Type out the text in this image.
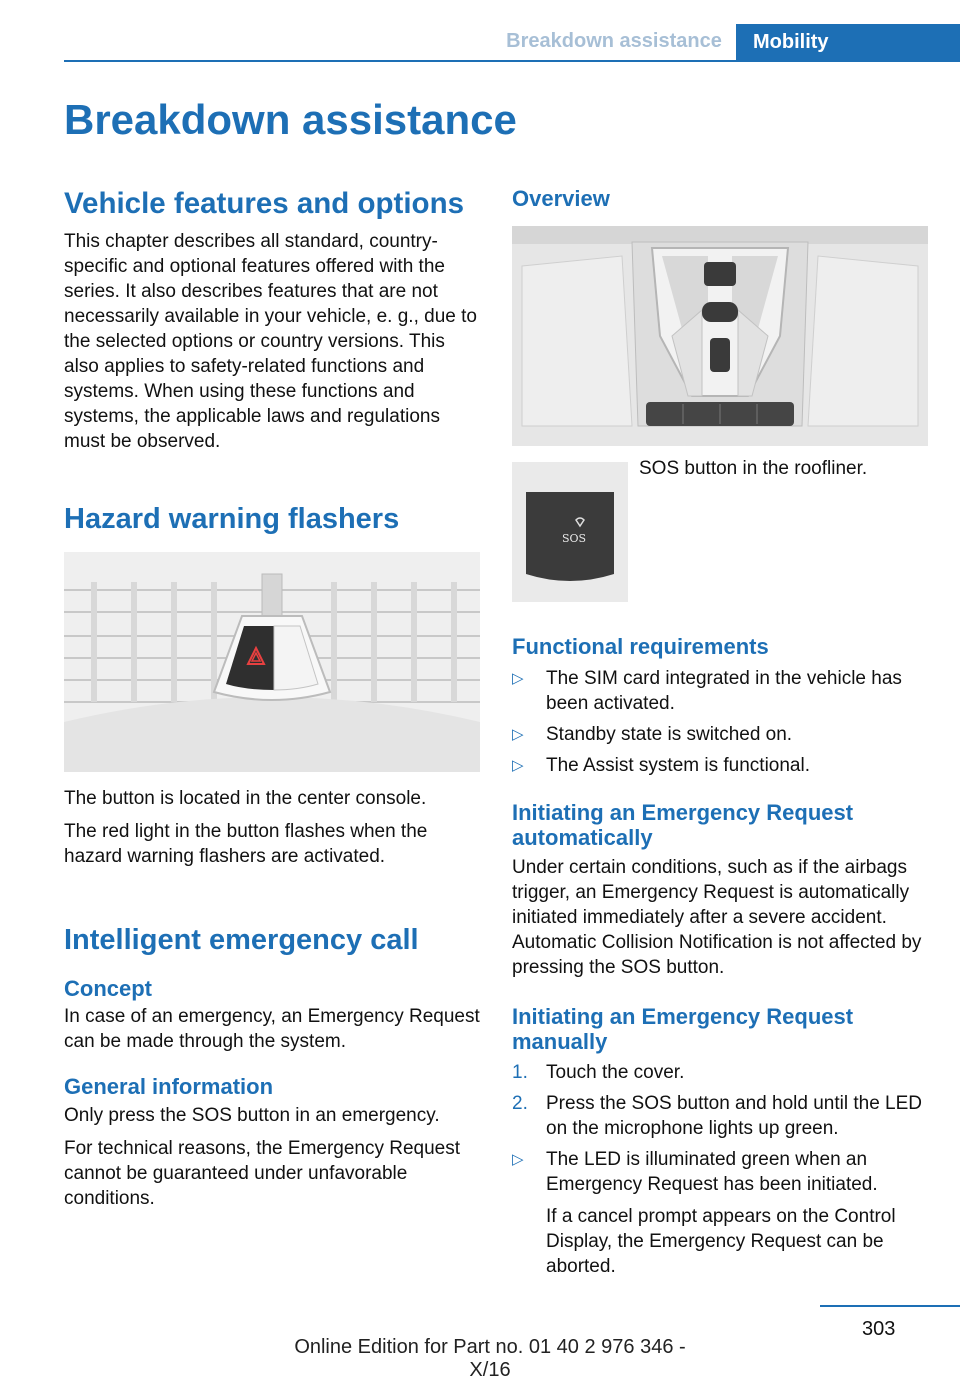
Breakdown assistance	Mobility
Breakdown assistance
Vehicle features and options

This chapter describes all standard, country-specific and optional features offered with the series. It also describes features that are not necessarily available in your vehicle, e. g., due to the selected options or country versions. This also applies to safety-related functions and systems. When using these functions and systems, the applicable laws and regulations must be observed.

Hazard warning flashers

The button is located in the center console.

The red light in the button flashes when the hazard warning flashers are activated.

Intelligent emergency call
Concept

In case of an emergency, an Emergency Request can be made through the system.

General information

Only press the SOS button in an emergency.

For technical reasons, the Emergency Request cannot be guaranteed under unfavorable conditions.

Overview
SOS

SOS button in the roofliner.

Functional requirements
▷ The SIM card integrated in the vehicle has been activated.
▷ Standby state is switched on.
▷ The Assist system is functional.
Initiating an Emergency Request automatically

Under certain conditions, such as if the airbags trigger, an Emergency Request is automatically initiated immediately after a severe accident. Automatic Collision Notification is not affected by pressing the SOS button.

Initiating an Emergency Request manually
1. Touch the cover.
2. Press the SOS button and hold until the LED on the microphone lights up green.
▷ The LED is illuminated green when an Emergency Request has been initiated.
If a cancel prompt appears on the Control Display, the Emergency Request can be aborted.
303
Online Edition for Part no. 01 40 2 976 346 - X/16
